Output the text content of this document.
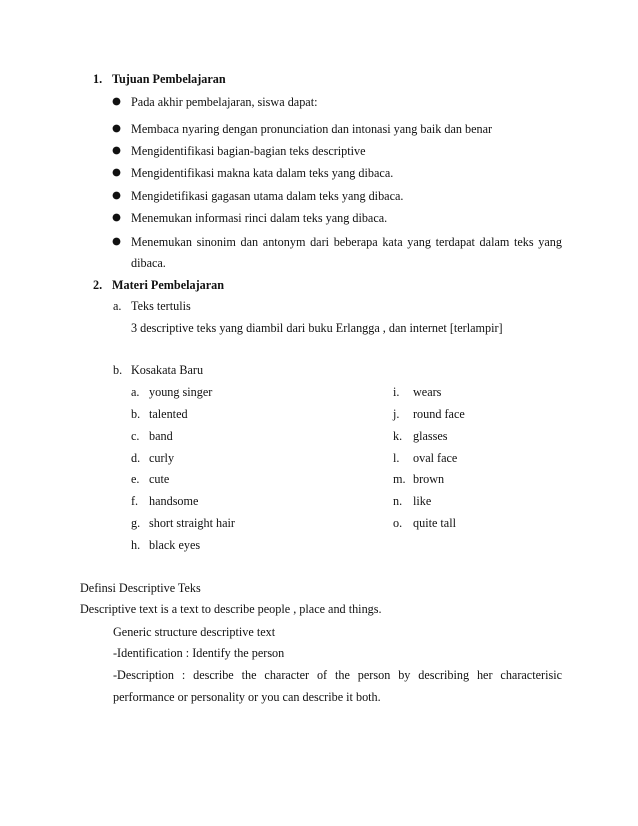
1. Tujuan Pembelajaran
Pada akhir pembelajaran, siswa dapat:
Membaca nyaring dengan pronunciation dan intonasi yang baik dan benar
Mengidentifikasi bagian-bagian teks descriptive
Mengidentifikasi makna kata dalam teks yang dibaca.
Mengidetifikasi gagasan utama dalam teks yang dibaca.
Menemukan informasi rinci dalam teks yang dibaca.
Menemukan sinonim dan antonym dari beberapa kata yang terdapat dalam teks yang
dibaca.
2. Materi Pembelajaran
a. Teks tertulis
3 descriptive teks yang diambil dari buku Erlangga , dan internet [terlampir]
b. Kosakata Baru
a. young singer
b. talented
c. band
d. curly
e. cute
f. handsome
g. short straight hair
h. black eyes
i. wears
j. round face
k. glasses
l. oval face
m. brown
n. like
o. quite tall
Definsi Descriptive Teks
Descriptive text is a text to describe people , place and things.
Generic structure descriptive text
-Identification : Identify the person
-Description : describe the character of the person by describing her characterisic
performance or personality or you can describe it both.
